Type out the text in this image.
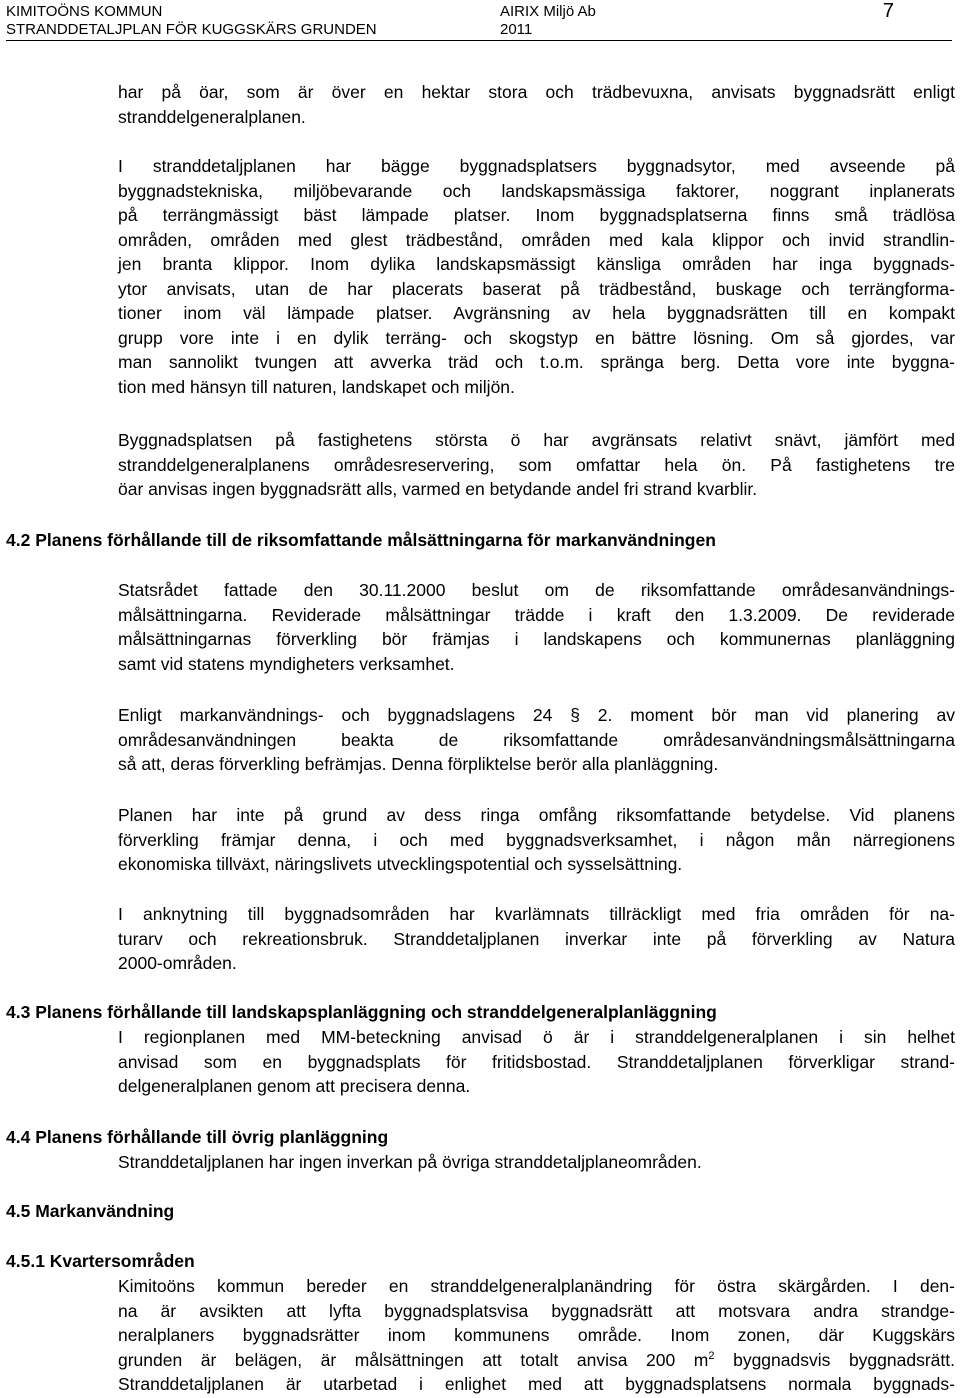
KIMITOÖNS KOMMUN
STRANDDETALJPLAN FÖR KUGGSKÄRS GRUNDEN
AIRIX Miljö Ab
2011
7

har på öar, som är över en hektar stora och trädbevuxna, anvisats byggnadsrätt enligt
stranddelgeneralplanen.

I stranddetaljplanen har bägge byggnadsplatsers byggnadsytor, med avseende på
byggnadstekniska, miljöbevarande och landskapsmässiga faktorer, noggrant inplanerats
på terrängmässigt bäst lämpade platser. Inom byggnadsplatserna finns små trädlösa
områden, områden med glest trädbestånd, områden med kala klippor och invid strandlin-
jen branta klippor. Inom dylika landskapsmässigt känsliga områden har inga byggnads-
ytor anvisats, utan de har placerats baserat på trädbestånd, buskage och terrängforma-
tioner inom väl lämpade platser. Avgränsning av hela byggnadsrätten till en kompakt
grupp vore inte i en dylik terräng- och skogstyp en bättre lösning. Om så gjordes, var
man sannolikt tvungen att avverka träd och t.o.m. spränga berg. Detta vore inte byggna-
tion med hänsyn till naturen, landskapet och miljön.

Byggnadsplatsen på fastighetens största ö har avgränsats relativt snävt, jämfört med
stranddelgeneralplanens områdesreservering, som omfattar hela ön. På fastighetens tre
öar anvisas ingen byggnadsrätt alls, varmed en betydande andel fri strand kvarblir.

4.2 Planens förhållande till de riksomfattande målsättningarna för markanvändningen

Statsrådet fattade den 30.11.2000 beslut om de riksomfattande områdesanvändnings-
målsättningarna. Reviderade målsättningar trädde i kraft den 1.3.2009. De reviderade
målsättningarnas förverkling bör främjas i landskapens och kommunernas planläggning
samt vid statens myndigheters verksamhet.

Enligt markanvändnings- och byggnadslagens 24 § 2. moment bör man vid planering av
områdesanvändningen beakta de riksomfattande områdesanvändningsmålsättningarna
så att, deras förverkling befrämjas. Denna förpliktelse berör alla planläggning.

Planen har inte på grund av dess ringa omfång riksomfattande betydelse. Vid planens
förverkling främjar denna, i och med byggnadsverksamhet, i någon mån närregionens
ekonomiska tillväxt, näringslivets utvecklingspotential och sysselsättning.

I anknytning till byggnadsområden har kvarlämnats tillräckligt med fria områden för na-
turarv och rekreationsbruk. Stranddetaljplanen inverkar inte på förverkling av Natura
2000-områden.

4.3 Planens förhållande till landskapsplanläggning och stranddelgeneralplanläggning

I regionplanen med MM-beteckning anvisad ö är i stranddelgeneralplanen i sin helhet
anvisad som en byggnadsplats för fritidsbostad. Stranddetaljplanen förverkligar strand-
delgeneralplanen genom att precisera denna.

4.4 Planens förhållande till övrig planläggning

Stranddetaljplanen har ingen inverkan på övriga stranddetaljplaneområden.

4.5 Markanvändning
4.5.1 Kvartersområden

Kimitoöns kommun bereder en stranddelgeneralplanändring för östra skärgården. I den-
na är avsikten att lyfta byggnadsplatsvisa byggnadsrätt att motsvara andra strandge-
neralplaners byggnadsrätter inom kommunens område. Inom zonen, där Kuggskärs
grunden är belägen, är målsättningen att totalt anvisa 200 $m^2$ byggnadsvis byggnadsrätt.
Stranddetaljplanen är utarbetad i enlighet med att byggnadsplatsens normala byggnads-
